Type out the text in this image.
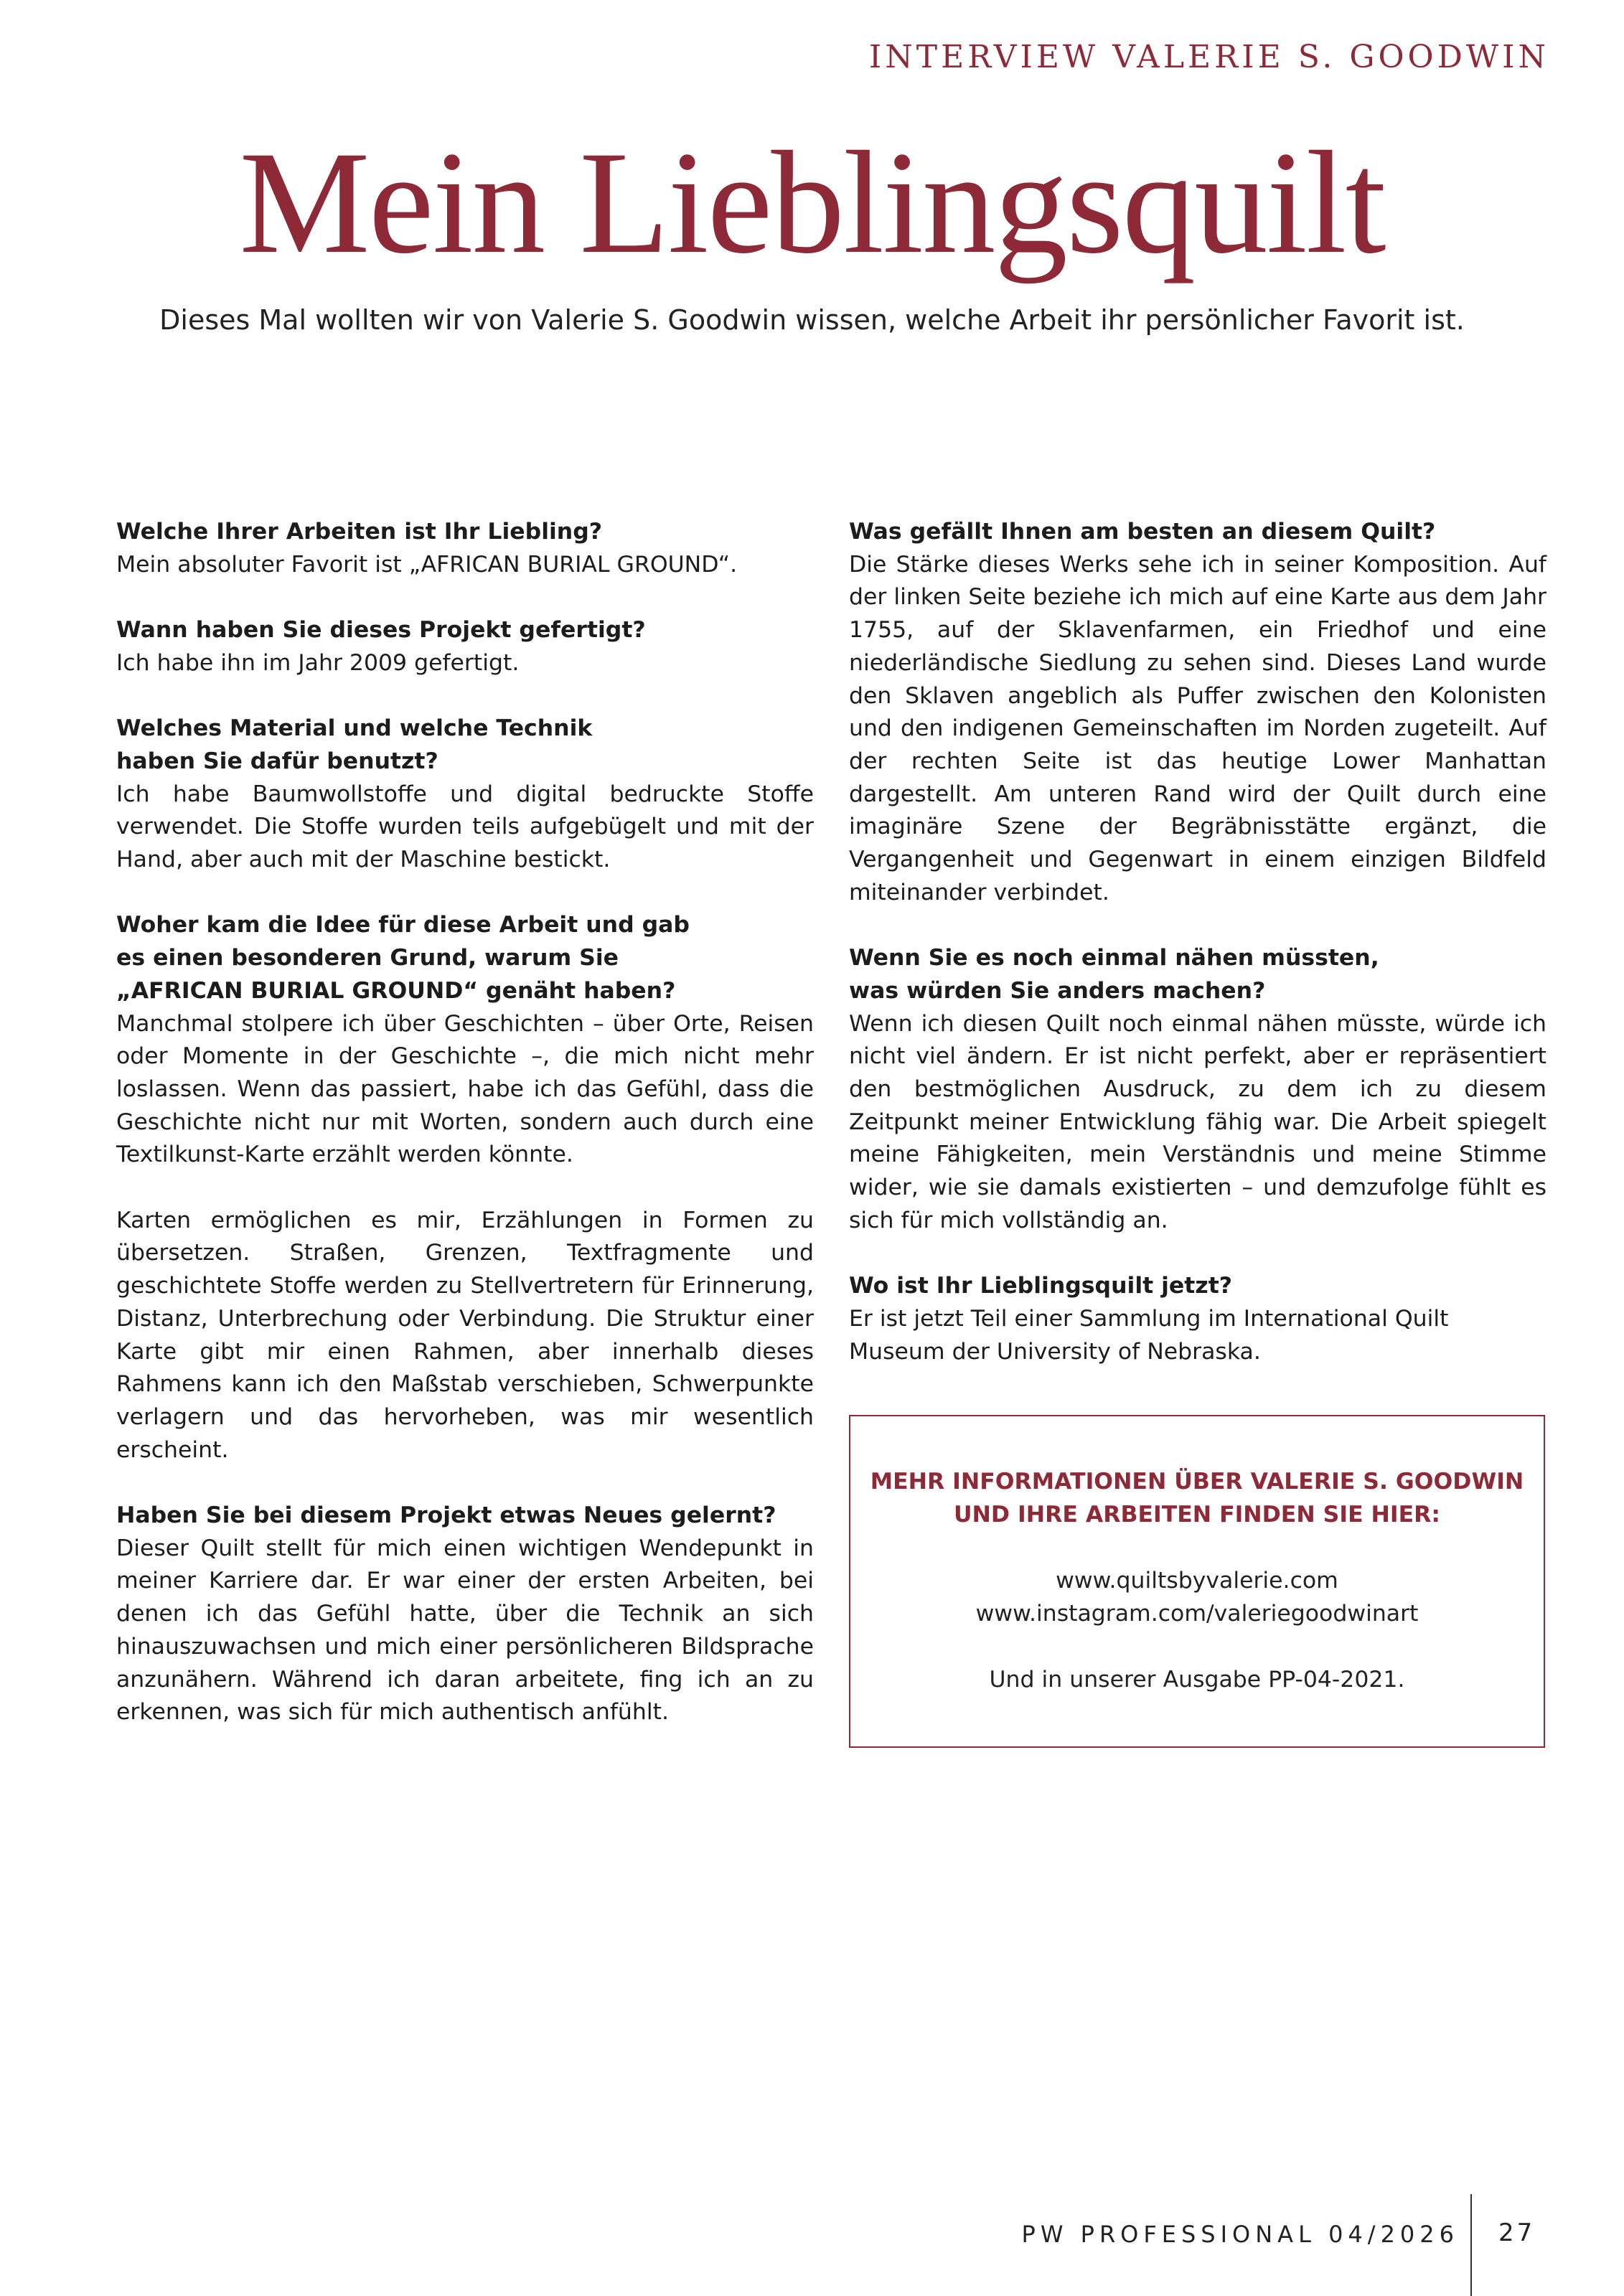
INTERVIEW VALERIE S. GOODWIN
Mein Lieblingsquilt

Dieses Mal wollten wir von Valerie S. Goodwin wissen, welche Arbeit ihr persönlicher Favorit ist.

Welche Ihrer Arbeiten ist Ihr Liebling?

Mein absoluter Favorit ist „AFRICAN BURIAL GROUND“.

Wann haben Sie dieses Projekt gefertigt?

Ich habe ihn im Jahr 2009 gefertigt.

Welches Material und welche Technik
haben Sie dafür benutzt?

Ich habe Baumwollstoffe und digital bedruckte Stoffe verwendet. Die Stoffe wurden teils aufgebügelt und mit der Hand, aber auch mit der Maschine bestickt.

Woher kam die Idee für diese Arbeit und gab
es einen besonderen Grund, warum Sie
„AFRICAN BURIAL GROUND“ genäht haben?

Manchmal stolpere ich über Geschichten – über Orte, Reisen oder Momente in der Geschichte –, die mich nicht mehr loslassen. Wenn das passiert, habe ich das Gefühl, dass die Geschichte nicht nur mit Worten, sondern auch durch eine Textilkunst-Karte erzählt werden könnte.

Karten ermöglichen es mir, Erzählungen in Formen zu übersetzen. Straßen, Grenzen, Textfragmente und geschichtete Stoffe werden zu Stellvertretern für Erinnerung, Distanz, Unterbrechung oder Verbindung. Die Struktur einer Karte gibt mir einen Rahmen, aber innerhalb dieses Rahmens kann ich den Maßstab verschieben, Schwerpunkte verlagern und das hervorheben, was mir wesentlich erscheint.

Haben Sie bei diesem Projekt etwas Neues gelernt?

Dieser Quilt stellt für mich einen wichtigen Wendepunkt in meiner Karriere dar. Er war einer der ersten Arbeiten, bei denen ich das Gefühl hatte, über die Technik an sich hinauszuwachsen und mich einer persönlicheren Bildsprache anzunähern. Während ich daran arbeitete, fing ich an zu erkennen, was sich für mich authentisch anfühlt.

Was gefällt Ihnen am besten an diesem Quilt?

Die Stärke dieses Werks sehe ich in seiner Komposition. Auf der linken Seite beziehe ich mich auf eine Karte aus dem Jahr 1755, auf der Sklavenfarmen, ein Friedhof und eine niederländische Siedlung zu sehen sind. Dieses Land wurde den Sklaven angeblich als Puffer zwischen den Kolonisten und den indigenen Gemeinschaften im Norden zugeteilt. Auf der rechten Seite ist das heutige Lower Manhattan dargestellt. Am unteren Rand wird der Quilt durch eine imaginäre Szene der Begräbnisstätte ergänzt, die Vergangenheit und Gegenwart in einem einzigen Bildfeld miteinander verbindet.

Wenn Sie es noch einmal nähen müssten,
was würden Sie anders machen?

Wenn ich diesen Quilt noch einmal nähen müsste, würde ich nicht viel ändern. Er ist nicht perfekt, aber er repräsentiert den bestmöglichen Ausdruck, zu dem ich zu diesem Zeitpunkt meiner Entwicklung fähig war. Die Arbeit spiegelt meine Fähigkeiten, mein Verständnis und meine Stimme wider, wie sie damals existierten – und demzufolge fühlt es sich für mich vollständig an.

Wo ist Ihr Lieblingsquilt jetzt?

Er ist jetzt Teil einer Sammlung im International Quilt Museum der University of Nebraska.

MEHR INFORMATIONEN ÜBER VALERIE S. GOODWIN
UND IHRE ARBEITEN FINDEN SIE HIER:

www.quiltsbyvalerie.com

www.instagram.com/valeriegoodwinart

Und in unserer Ausgabe PP-04-2021.

PW PROFESSIONAL 04/2026 27
